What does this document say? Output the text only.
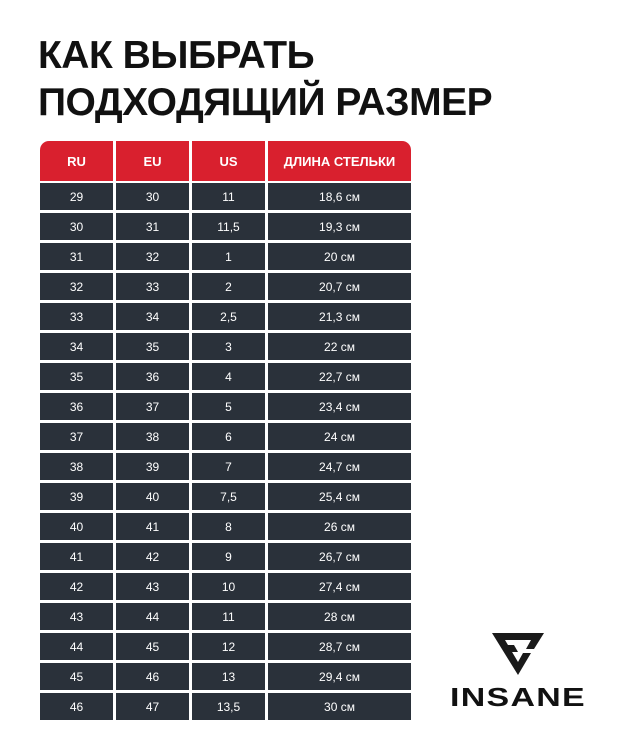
КАК ВЫБРАТЬ
ПОДХОДЯЩИЙ РАЗМЕР
RU	EU	US	ДЛИНА СТЕЛЬКИ
29	30	11	18,6 см
30	31	11,5	19,3 см
31	32	1	20 см
32	33	2	20,7 см
33	34	2,5	21,3 см
34	35	3	22 см
35	36	4	22,7 см
36	37	5	23,4 см
37	38	6	24 см
38	39	7	24,7 см
39	40	7,5	25,4 см
40	41	8	26 см
41	42	9	26,7 см
42	43	10	27,4 см
43	44	11	28 см
44	45	12	28,7 см
45	46	13	29,4 см
46	47	13,5	30 см	INSANE
